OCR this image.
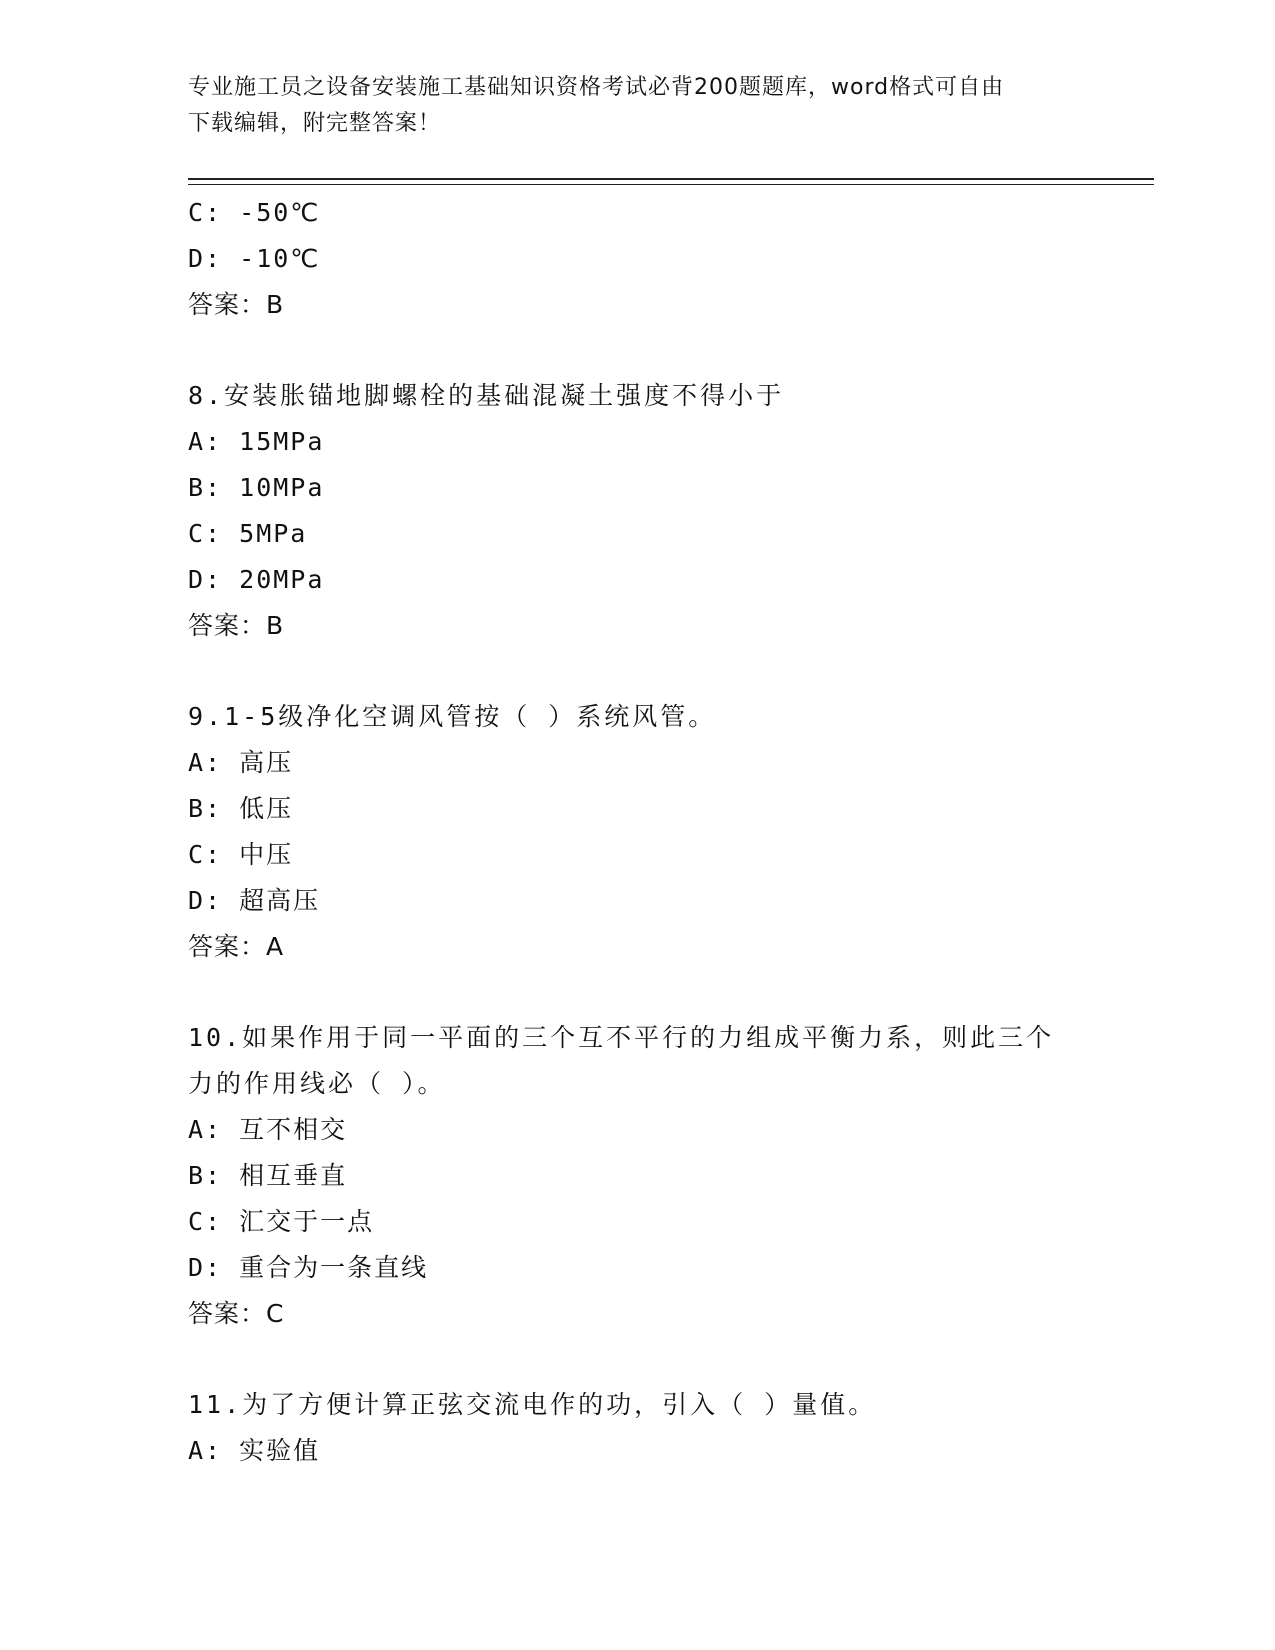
专业施工员之设备安装施工基础知识资格考试必背200题题库，word格式可自由
下载编辑，附完整答案！
C: -50℃
D: -10℃
答案：B
8.安装胀锚地脚螺栓的基础混凝土强度不得小于
A: 15MPa
B: 10MPa
C: 5MPa
D: 20MPa
答案：B
9.1-5级净化空调风管按（ ）系统风管。
A: 高压
B: 低压
C: 中压
D: 超高压
答案：A
10.如果作用于同一平面的三个互不平行的力组成平衡力系，则此三个
力的作用线必（ ）。
A: 互不相交
B: 相互垂直
C: 汇交于一点
D: 重合为一条直线
答案：C
11.为了方便计算正弦交流电作的功，引入（ ）量值。
A: 实验值
